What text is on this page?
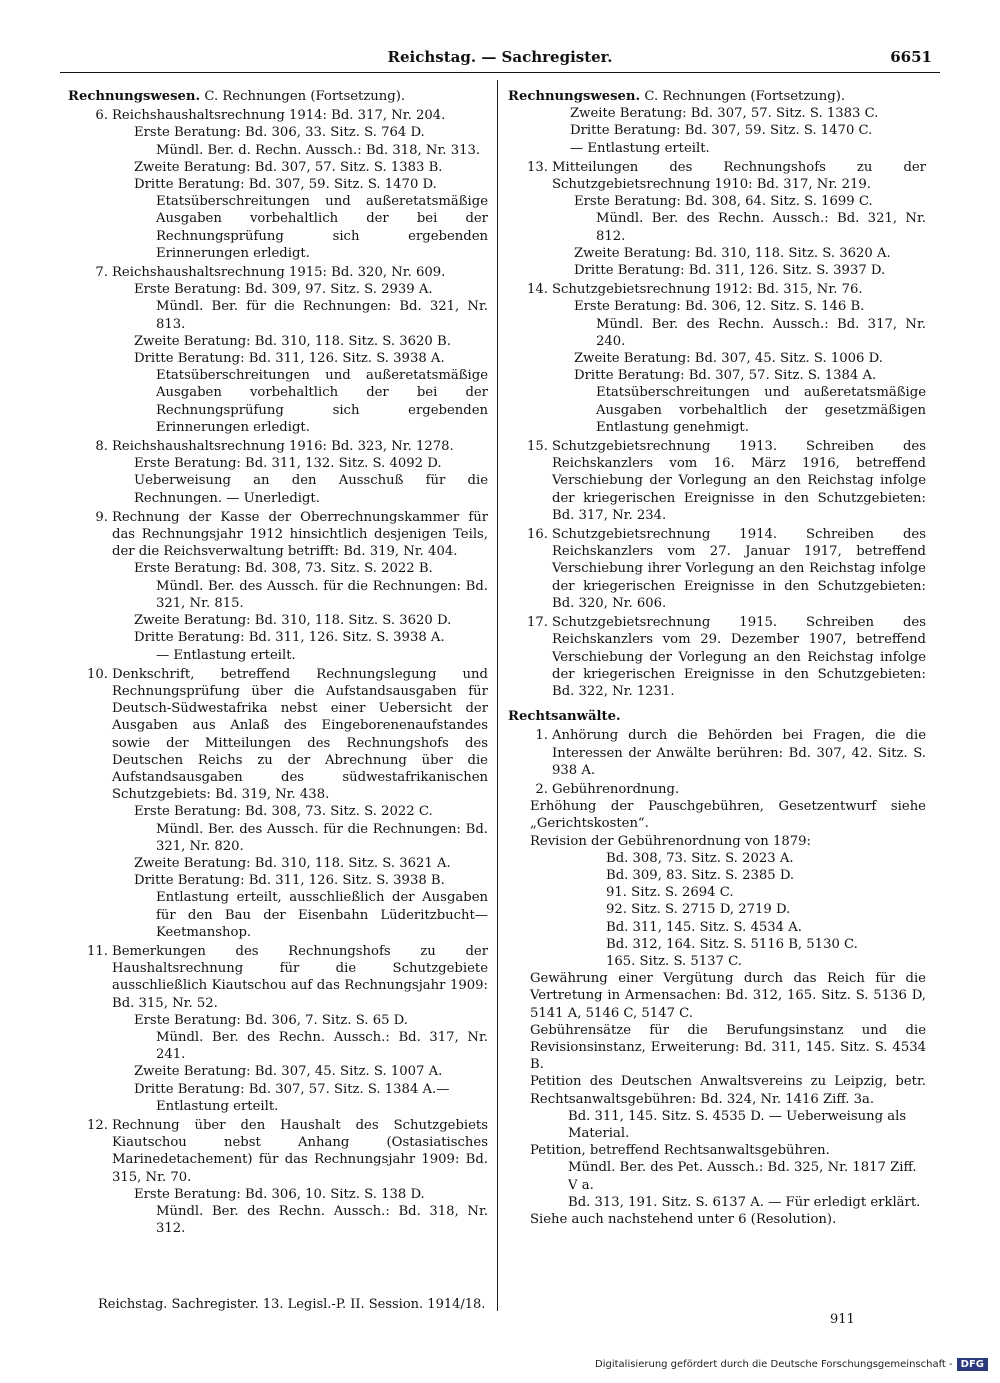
Reichstag. — Sachregister.	6651
Rechnungswesen. C. Rechnungen (Fortsetzung).
6. Reichshaushaltsrechnung 1914: Bd. 317, Nr. 204.
Erste Beratung: Bd. 306, 33. Sitz. S. 764 D.
Mündl. Ber. d. Rechn. Aussch.: Bd. 318, Nr. 313.
Zweite Beratung: Bd. 307, 57. Sitz. S. 1383 B.
Dritte Beratung: Bd. 307, 59. Sitz. S. 1470 D.
Etatsüberschreitungen und außeretatsmäßige Ausgaben vorbehaltlich der bei der Rechnungsprüfung sich ergebenden Erinnerungen erledigt.
7. Reichshaushaltsrechnung 1915: Bd. 320, Nr. 609.
Erste Beratung: Bd. 309, 97. Sitz. S. 2939 A.
Mündl. Ber. für die Rechnungen: Bd. 321, Nr. 813.
Zweite Beratung: Bd. 310, 118. Sitz. S. 3620 B.
Dritte Beratung: Bd. 311, 126. Sitz. S. 3938 A.
Etatsüberschreitungen und außeretatsmäßige Ausgaben vorbehaltlich der bei der Rechnungsprüfung sich ergebenden Erinnerungen erledigt.
8. Reichshaushaltsrechnung 1916: Bd. 323, Nr. 1278.
Erste Beratung: Bd. 311, 132. Sitz. S. 4092 D.
Ueberweisung an den Ausschuß für die Rechnungen. — Unerledigt.
9. Rechnung der Kasse der Oberrechnungskammer für das Rechnungsjahr 1912 hinsichtlich desjenigen Teils, der die Reichsverwaltung betrifft: Bd. 319, Nr. 404.
Erste Beratung: Bd. 308, 73. Sitz. S. 2022 B.
Mündl. Ber. des Aussch. für die Rechnungen: Bd. 321, Nr. 815.
Zweite Beratung: Bd. 310, 118. Sitz. S. 3620 D.
Dritte Beratung: Bd. 311, 126. Sitz. S. 3938 A.
— Entlastung erteilt.
10. Denkschrift, betreffend Rechnungslegung und Rechnungsprüfung über die Aufstandsausgaben für Deutsch-Südwestafrika nebst einer Uebersicht der Ausgaben aus Anlaß des Eingeborenenaufstandes sowie der Mitteilungen des Rechnungshofs des Deutschen Reichs zu der Abrechnung über die Aufstandsausgaben des südwestafrikanischen Schutzgebiets: Bd. 319, Nr. 438.
Erste Beratung: Bd. 308, 73. Sitz. S. 2022 C.
Mündl. Ber. des Aussch. für die Rechnungen: Bd. 321, Nr. 820.
Zweite Beratung: Bd. 310, 118. Sitz. S. 3621 A.
Dritte Beratung: Bd. 311, 126. Sitz. S. 3938 B.
Entlastung erteilt, ausschließlich der Ausgaben für den Bau der Eisenbahn Lüderitzbucht—Keetmanshop.
11. Bemerkungen des Rechnungshofs zu der Haushaltsrechnung für die Schutzgebiete ausschließlich Kiautschou auf das Rechnungsjahr 1909: Bd. 315, Nr. 52.
Erste Beratung: Bd. 306, 7. Sitz. S. 65 D.
Mündl. Ber. des Rechn. Aussch.: Bd. 317, Nr. 241.
Zweite Beratung: Bd. 307, 45. Sitz. S. 1007 A.
Dritte Beratung: Bd. 307, 57. Sitz. S. 1384 A.—
Entlastung erteilt.
12. Rechnung über den Haushalt des Schutzgebiets Kiautschou nebst Anhang (Ostasiatisches Marinedetachement) für das Rechnungsjahr 1909: Bd. 315, Nr. 70.
Erste Beratung: Bd. 306, 10. Sitz. S. 138 D.
Mündl. Ber. des Rechn. Aussch.: Bd. 318, Nr. 312.
Rechnungswesen. C. Rechnungen (Fortsetzung).
Zweite Beratung: Bd. 307, 57. Sitz. S. 1383 C.
Dritte Beratung: Bd. 307, 59. Sitz. S. 1470 C.
— Entlastung erteilt.
13. Mitteilungen des Rechnungshofs zu der Schutzgebietsrechnung 1910: Bd. 317, Nr. 219.
Erste Beratung: Bd. 308, 64. Sitz. S. 1699 C.
Mündl. Ber. des Rechn. Aussch.: Bd. 321, Nr. 812.
Zweite Beratung: Bd. 310, 118. Sitz. S. 3620 A.
Dritte Beratung: Bd. 311, 126. Sitz. S. 3937 D.
14. Schutzgebietsrechnung 1912: Bd. 315, Nr. 76.
Erste Beratung: Bd. 306, 12. Sitz. S. 146 B.
Mündl. Ber. des Rechn. Aussch.: Bd. 317, Nr. 240.
Zweite Beratung: Bd. 307, 45. Sitz. S. 1006 D.
Dritte Beratung: Bd. 307, 57. Sitz. S. 1384 A.
Etatsüberschreitungen und außeretatsmäßige Ausgaben vorbehaltlich der gesetzmäßigen Entlastung genehmigt.
15. Schutzgebietsrechnung 1913. Schreiben des Reichskanzlers vom 16. März 1916, betreffend Verschiebung der Vorlegung an den Reichstag infolge der kriegerischen Ereignisse in den Schutzgebieten: Bd. 317, Nr. 234.
16. Schutzgebietsrechnung 1914. Schreiben des Reichskanzlers vom 27. Januar 1917, betreffend Verschiebung ihrer Vorlegung an den Reichstag infolge der kriegerischen Ereignisse in den Schutzgebieten: Bd. 320, Nr. 606.
17. Schutzgebietsrechnung 1915. Schreiben des Reichskanzlers vom 29. Dezember 1907, betreffend Verschiebung der Vorlegung an den Reichstag infolge der kriegerischen Ereignisse in den Schutzgebieten: Bd. 322, Nr. 1231.
Rechtsanwälte.
1. Anhörung durch die Behörden bei Fragen, die die Interessen der Anwälte berühren: Bd. 307, 42. Sitz. S. 938 A.
2. Gebührenordnung.
Erhöhung der Pauschgebühren, Gesetzentwurf siehe „Gerichtskosten“.
Revision der Gebührenordnung von 1879:
Bd. 308, 73. Sitz. S. 2023 A.
Bd. 309, 83. Sitz. S. 2385 D.
91. Sitz. S. 2694 C.
92. Sitz. S. 2715 D, 2719 D.
Bd. 311, 145. Sitz. S. 4534 A.
Bd. 312, 164. Sitz. S. 5116 B, 5130 C.
165. Sitz. S. 5137 C.
Gewährung einer Vergütung durch das Reich für die Vertretung in Armensachen: Bd. 312, 165. Sitz. S. 5136 D, 5141 A, 5146 C, 5147 C.
Gebührensätze für die Berufungsinstanz und die Revisionsinstanz, Erweiterung: Bd. 311, 145. Sitz. S. 4534 B.
Petition des Deutschen Anwaltsvereins zu Leipzig, betr. Rechtsanwaltsgebühren: Bd. 324, Nr. 1416 Ziff. 3a.
Bd. 311, 145. Sitz. S. 4535 D. — Ueberweisung als Material.
Petition, betreffend Rechtsanwaltsgebühren.
Mündl. Ber. des Pet. Aussch.: Bd. 325, Nr. 1817 Ziff. V a.
Bd. 313, 191. Sitz. S. 6137 A. — Für erledigt erklärt.
Siehe auch nachstehend unter 6 (Resolution).
Reichstag. Sachregister. 13. Legisl.-P. II. Session. 1914/18.
911
Digitalisierung gefördert durch die Deutsche Forschungsgemeinschaft - DFG
